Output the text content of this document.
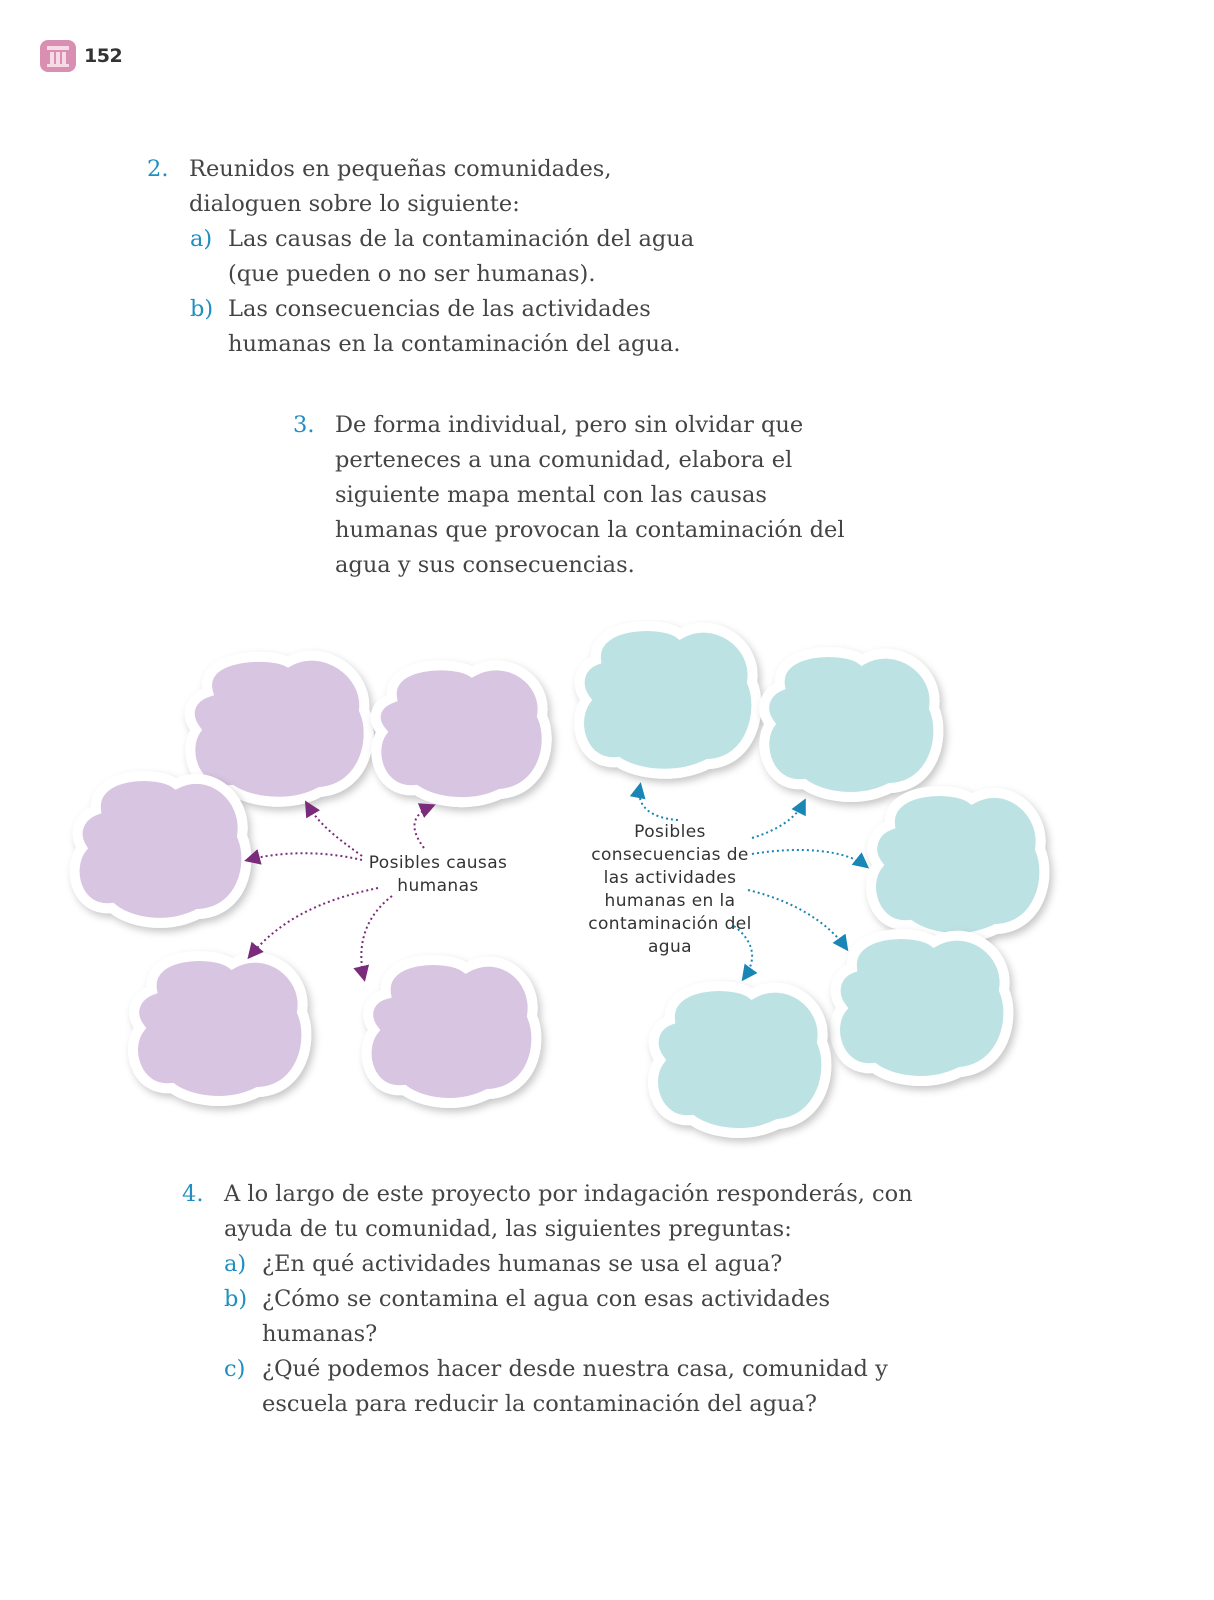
152
2. Reunidos en pequeñas comunidades,
dialoguen sobre lo siguiente:
a) Las causas de la contaminación del agua
(que pueden o no ser humanas).
b) Las consecuencias de las actividades
humanas en la contaminación del agua.
3. De forma individual, pero sin olvidar que
perteneces a una comunidad, elabora el
siguiente mapa mental con las causas
humanas que provocan la contaminación del
agua y sus consecuencias.
Posibles causas
humanas
Posibles
consecuencias de
las actividades
humanas en la
contaminación del
agua
4. A lo largo de este proyecto por indagación responderás, con
ayuda de tu comunidad, las siguientes preguntas:
a) ¿En qué actividades humanas se usa el agua?
b) ¿Cómo se contamina el agua con esas actividades
humanas?
c) ¿Qué podemos hacer desde nuestra casa, comunidad y
escuela para reducir la contaminación del agua?
